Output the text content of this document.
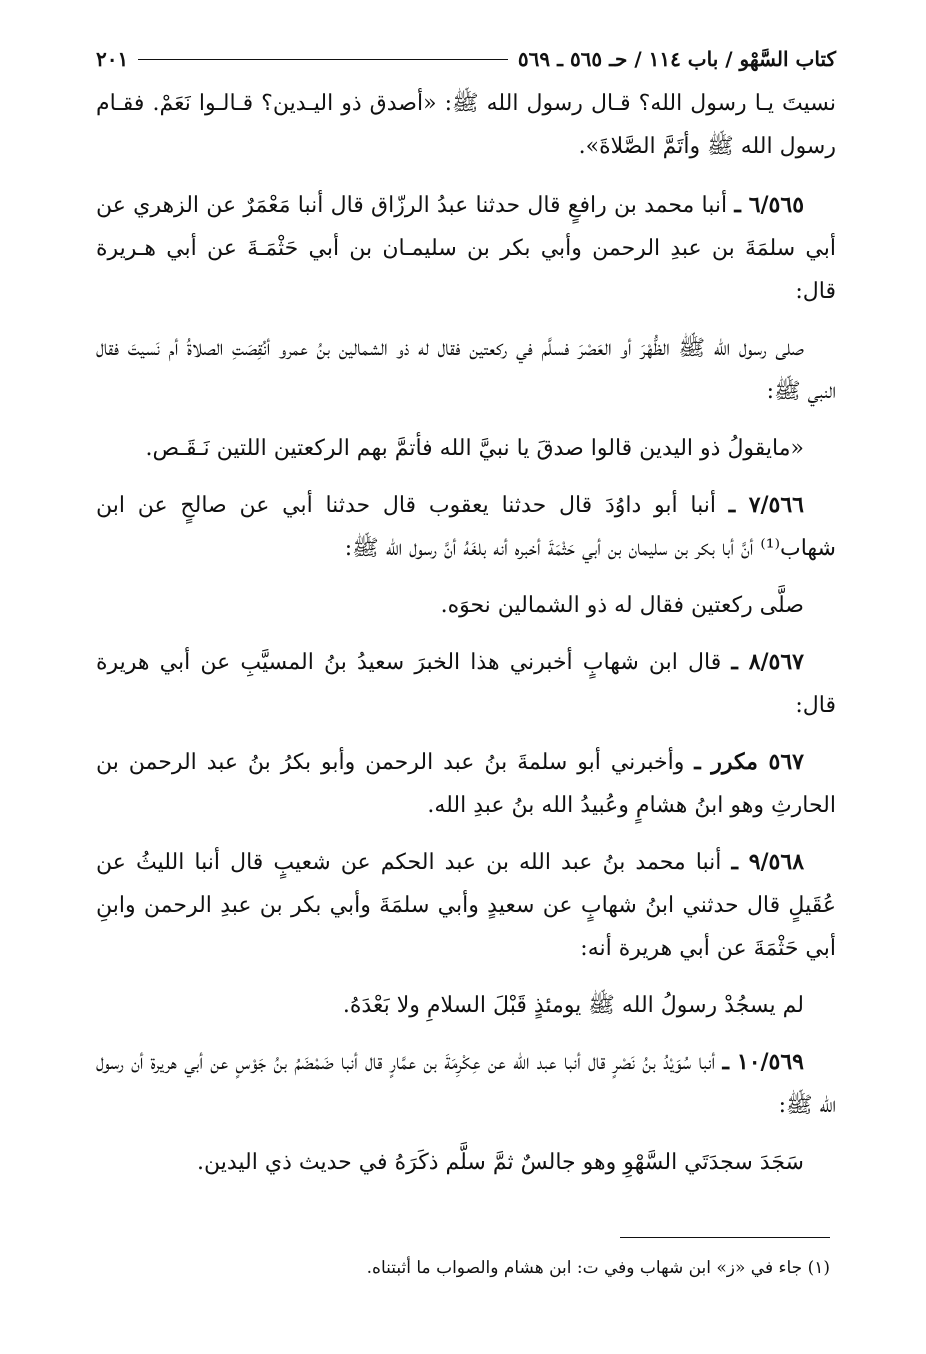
كتاب السَّهْو / باب ١١٤ / حـ ٥٦٥ ـ ٥٦٩
٢٠١

نسيتَ يـا رسول الله؟ قـال رسول الله ﷺ: «أصدق ذو اليـدين؟ قـالـوا نَعَمْ. فقـام رسول الله ﷺ وأتَمَّ الصَّلاةَ».

٦/٥٦٥ ـ أنبا محمد بن رافعٍ قال حدثنا عبدُ الرزّاق قال أنبا مَعْمَرٌ عن الزهري عن أبي سلمَةَ بن عبدِ الرحمن وأبي بكر بن سليمـان بن أبي حَثْمَـةَ عن أبي هـريرة قال:

صلى رسول الله ﷺ الظُّهْرَ أو العَصْرَ فسلَّم في ركعتين فقال له ذو الشمالين بنُ عمرو أنُقِصَتِ الصلاةُ أم نَسيتَ فقال النبي ﷺ:

«مايقولُ ذو اليدين قالوا صدقَ يا نبيَّ الله فأتمَّ بهم الركعتين اللتين نَـقَـص.

٧/٥٦٦ ـ أنبا أبو داوُدَ قال حدثنا يعقوب قال حدثنا أبي عن صالحٍ عن ابن شهاب⁽¹⁾ أنَّ أبا بكر بن سليمان بن أبي حَثْمَةَ أخبره أنه بلغَهُ أنَّ رسول الله ﷺ:

صلَّى ركعتين فقال له ذو الشمالين نحوَه.

٨/٥٦٧ ـ قال ابن شهابٍ أخبرني هذا الخبرَ سعيدُ بنُ المسيَّبِ عن أبي هريرة قال:

٥٦٧ مكرر ـ وأخبرني أبو سلمةَ بنُ عبد الرحمن وأبو بكرُ بنُ عبد الرحمن بن الحارثِ وهو ابنُ هشامٍ وعُبيدُ الله بنُ عبدِ الله.

٩/٥٦٨ ـ أنبا محمد بنُ عبد الله بن عبد الحكم عن شعيبٍ قال أنبا الليثُ عن عُقَيلٍ قال حدثني ابنُ شهابٍ عن سعيدٍ وأبي سلمَةَ وأبي بكر بن عبدِ الرحمن وابنِ أبي حَثْمَةَ عن أبي هريرة أنه:

لم يسجُدْ رسولُ الله ﷺ يومئذٍ قَبْلَ السلامِ ولا بَعْدَهُ.

١٠/٥٦٩ ـ أنبا سُوَيْدُ بنُ نَصْرٍ قال أنبا عبد الله عن عِكْرِمَةَ بن عمَّارٍ قال أنبا ضَمْضَمُ بنُ جَوْسٍ عن أبي هريرة أن رسول الله ﷺ:

سَجَدَ سجدَتَي السَّهْوِ وهو جالسٌ ثمَّ سلَّم ذكَرَهُ في حديث ذي اليدين.

(١) جاء في «ز» ابن شهاب وفي ت: ابن هشام والصواب ما أثبتناه.
